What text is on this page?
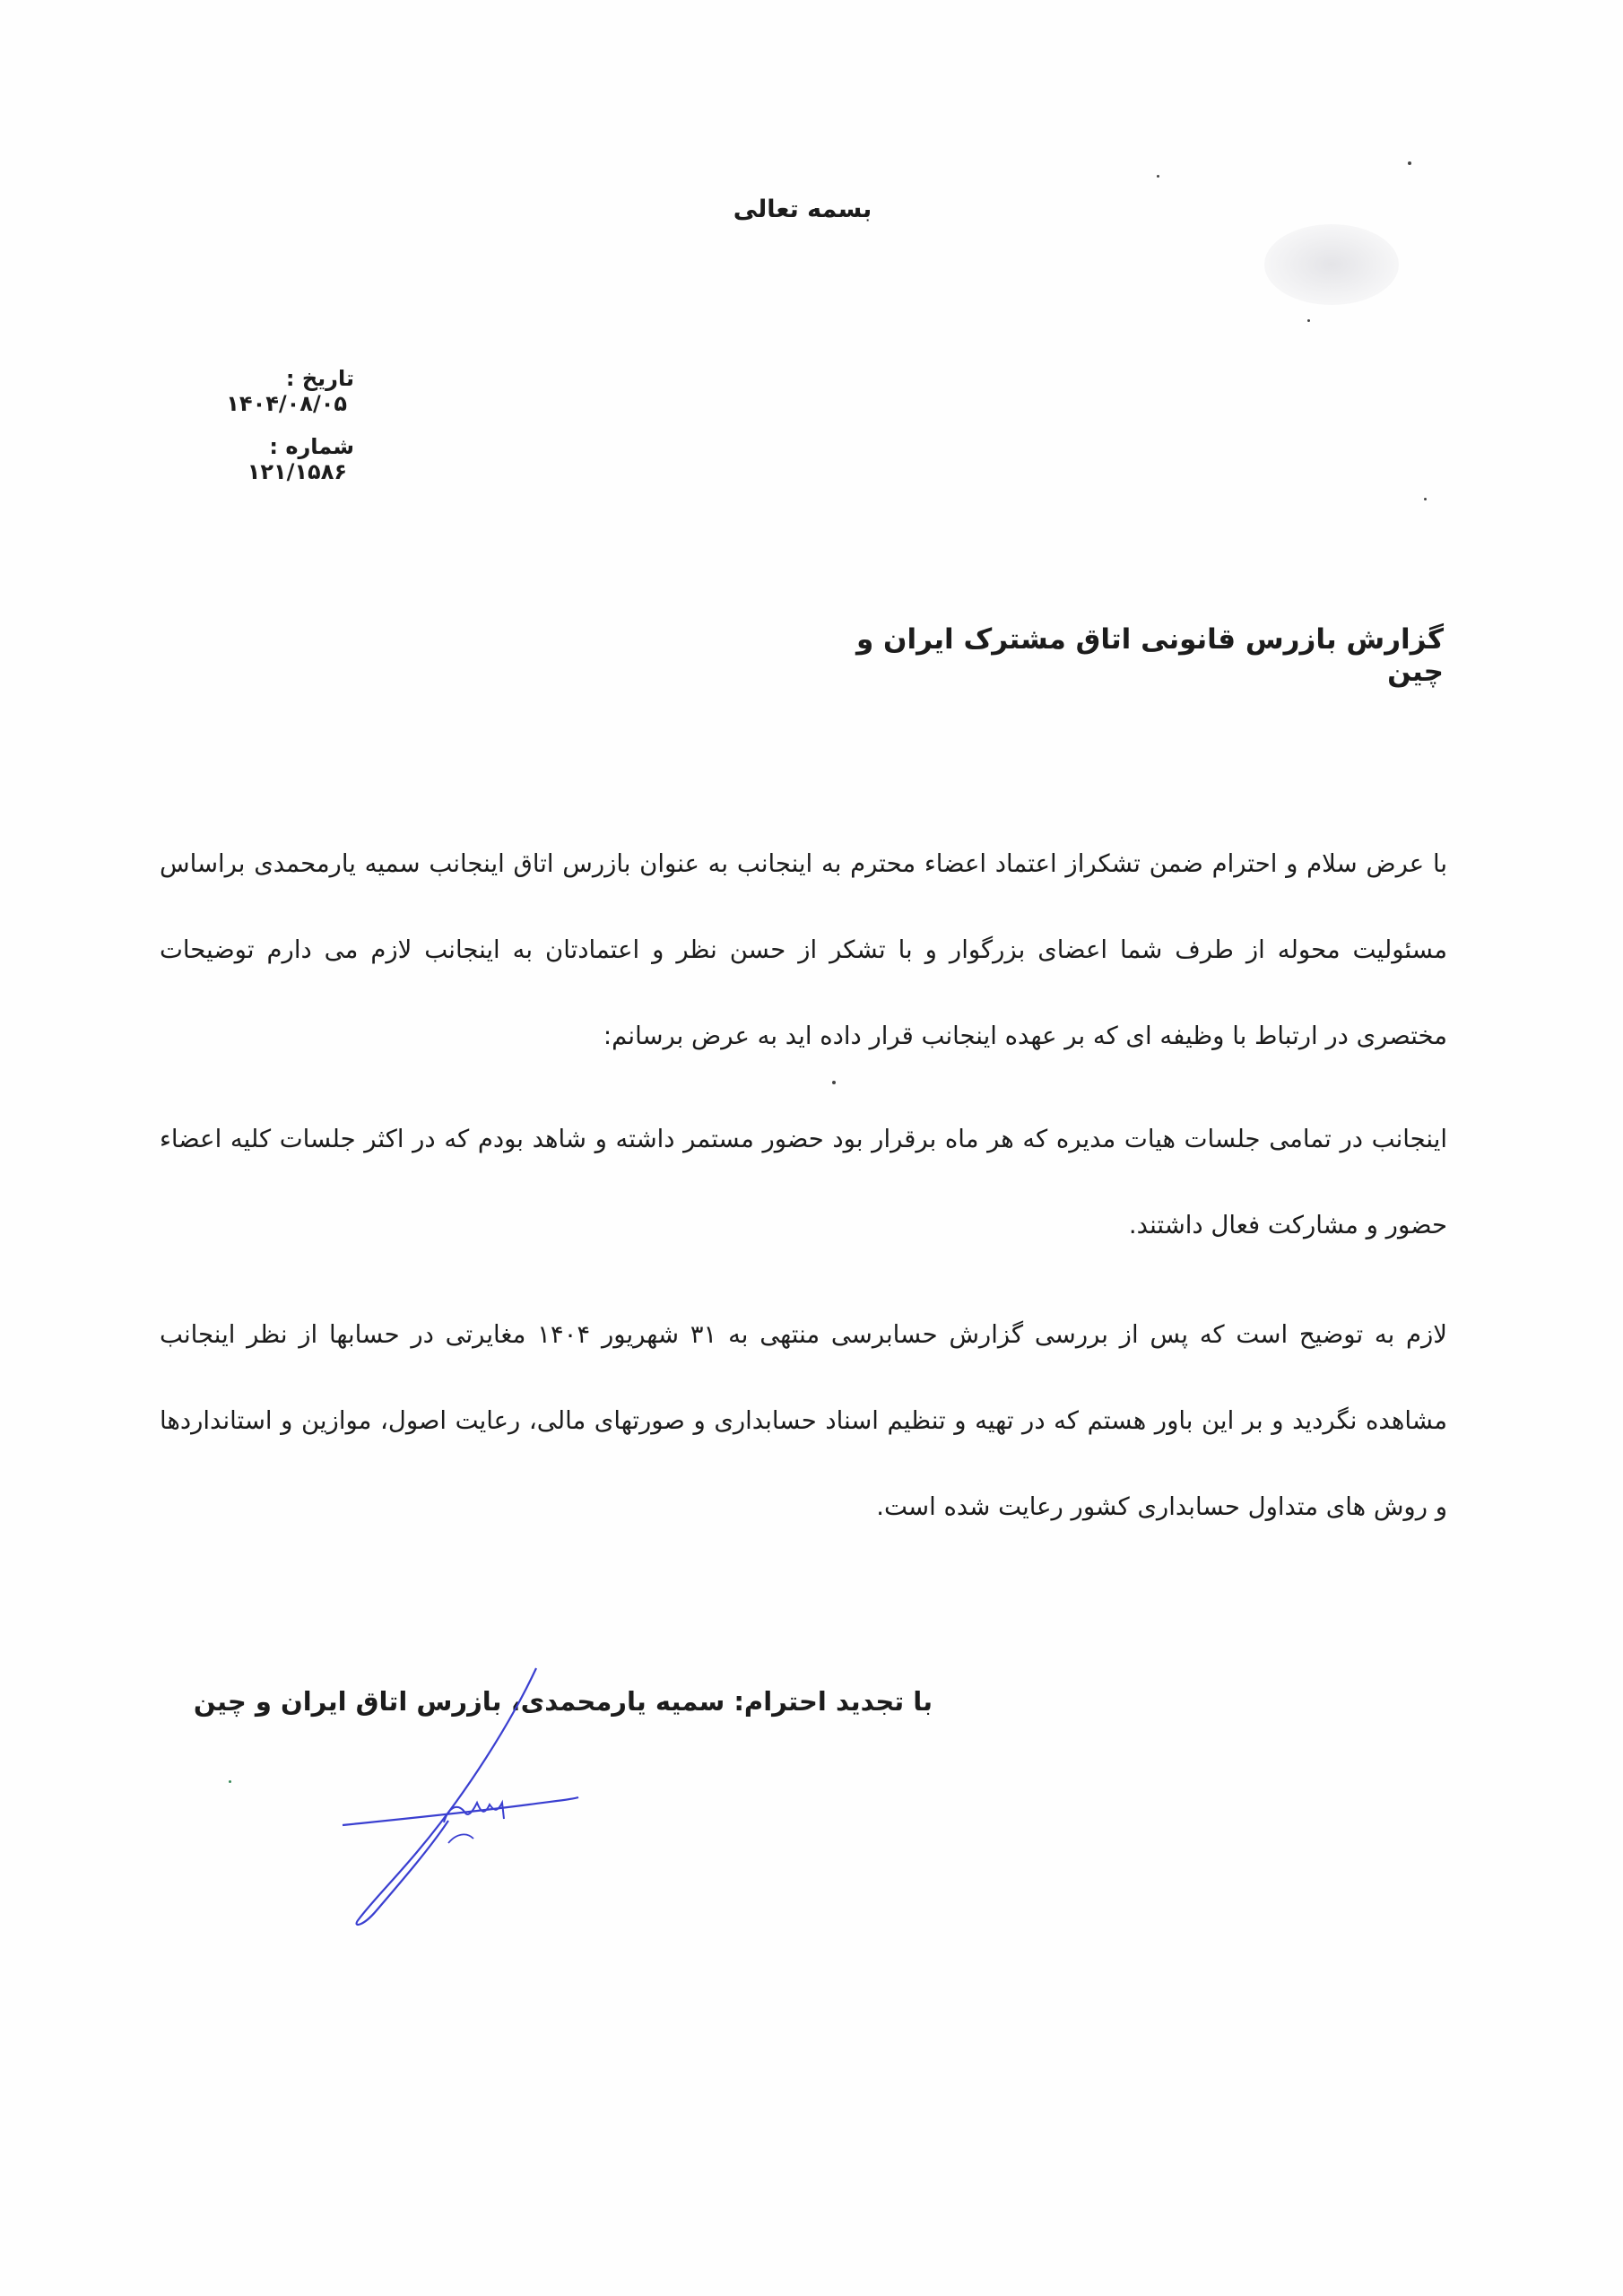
بسمه تعالی
تاریخ : ۱۴۰۴/۰۸/۰۵
شماره : ۱۲۱/۱۵۸۶
گزارش بازرس قانونی اتاق مشترک ایران و چین

با عرض سلام و احترام ضمن تشکراز اعتماد اعضاء محترم به اینجانب به عنوان بازرس اتاق اینجانب سمیه یارمحمدی براساس مسئولیت محوله از طرف شما اعضای بزرگوار و با تشکر از حسن نظر و اعتمادتان به اینجانب لازم می دارم توضیحات مختصری در ارتباط با وظیفه ای که بر عهده اینجانب قرار داده اید به عرض برسانم:

اینجانب در تمامی جلسات هیات مدیره که هر ماه برقرار بود حضور مستمر داشته و شاهد بودم که در اکثر جلسات کلیه اعضاء حضور و مشارکت فعال داشتند.

لازم به توضیح است که پس از بررسی گزارش حسابرسی منتهی به ۳۱ شهریور ۱۴۰۴ مغایرتی در حسابها از نظر اینجانب مشاهده نگردید و بر این باور هستم که در تهیه و تنظیم اسناد حسابداری و صورتهای مالی، رعایت اصول، موازین و استانداردها و روش های متداول حسابداری کشور رعایت شده است.

با تجدید احترام: سمیه یارمحمدی، بازرس اتاق ایران و چین
